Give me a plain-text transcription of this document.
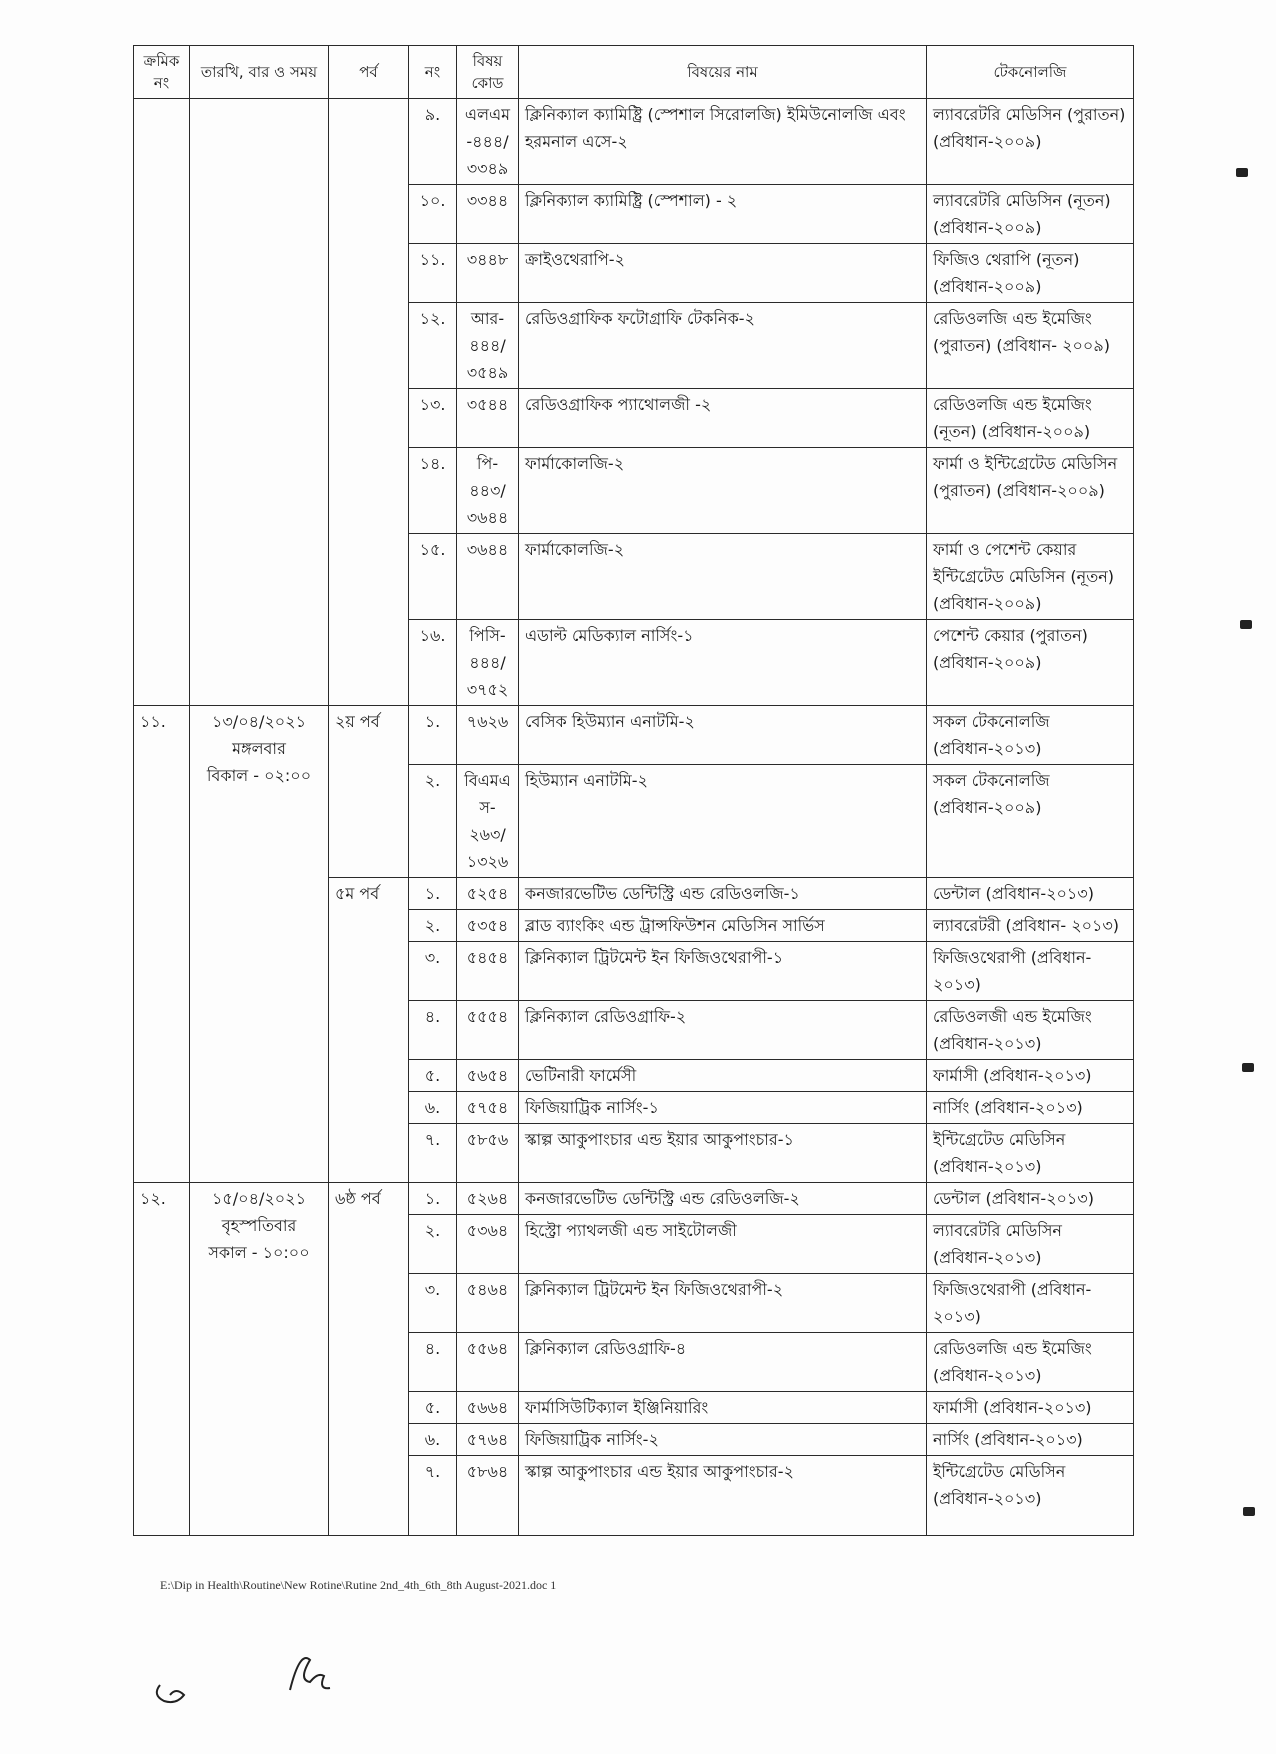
ক্রমিক নং	তারখি, বার ও সময়	পর্ব	নং	বিষয় কোড	বিষয়ের নাম	টেকনোলজি
			৯.	এলএম -৪৪৪/ ৩৩৪৯	ক্লিনিক্যাল ক্যামিষ্ট্রি (স্পেশাল সিরোলজি) ইমিউনোলজি এবং হরমনাল এসে-২	ল্যাবরেটরি মেডিসিন (পুরাতন) (প্রবিধান-২০০৯)
			১০.	৩৩৪৪	ক্লিনিক্যাল ক্যামিষ্ট্রি (স্পেশাল) - ২	ল্যাবরেটরি মেডিসিন (নূতন) (প্রবিধান-২০০৯)
			১১.	৩৪৪৮	ক্রাইওথেরাপি-২	ফিজিও থেরাপি (নূতন) (প্রবিধান-২০০৯)
			১২.	আর- ৪৪৪/ ৩৫৪৯	রেডিওগ্রাফিক ফটোগ্রাফি টেকনিক-২	রেডিওলজি এন্ড ইমেজিং (পুরাতন) (প্রবিধান- ২০০৯)
			১৩.	৩৫৪৪	রেডিওগ্রাফিক প্যাথোলজী -২	রেডিওলজি এন্ড ইমেজিং (নূতন) (প্রবিধান-২০০৯)
			১৪.	পি- ৪৪৩/ ৩৬৪৪	ফার্মাকোলজি-২	ফার্মা ও ইন্টিগ্রেটেড মেডিসিন (পুরাতন) (প্রবিধান-২০০৯)
			১৫.	৩৬৪৪	ফার্মাকোলজি-২	ফার্মা ও পেশেন্ট কেয়ার ইন্টিগ্রেটেড মেডিসিন (নূতন) (প্রবিধান-২০০৯)
			১৬.	পিসি- ৪৪৪/ ৩৭৫২	এডাল্ট মেডিক্যাল নার্সিং-১	পেশেন্ট কেয়ার (পুরাতন) (প্রবিধান-২০০৯)
১১.	১৩/০৪/২০২১
মঙ্গলবার
বিকাল - ০২:০০	২য় পর্ব	১.	৭৬২৬	বেসিক হিউম্যান এনাটমি-২	সকল টেকনোলজি (প্রবিধান-২০১৩)
			২.	বিএমএ স- ২৬৩/ ১৩২৬	হিউম্যান এনাটমি-২	সকল টেকনোলজি (প্রবিধান-২০০৯)
		৫ম পর্ব	১.	৫২৫৪	কনজারভেটিভ ডেন্টিস্ট্রি এন্ড রেডিওলজি-১	ডেন্টাল (প্রবিধান-২০১৩)
			২.	৫৩৫৪	ব্লাড ব্যাংকিং এন্ড ট্রান্সফিউশন মেডিসিন সার্ভিস	ল্যাবরেটরী (প্রবিধান- ২০১৩)
			৩.	৫৪৫৪	ক্লিনিক্যাল ট্রিটমেন্ট ইন ফিজিওথেরাপী-১	ফিজিওথেরাপী (প্রবিধান- ২০১৩)
			৪.	৫৫৫৪	ক্লিনিক্যাল রেডিওগ্রাফি-২	রেডিওলজী এন্ড ইমেজিং (প্রবিধান-২০১৩)
			৫.	৫৬৫৪	ভেটিনারী ফার্মেসী	ফার্মাসী (প্রবিধান-২০১৩)
			৬.	৫৭৫৪	ফিজিয়াট্রিক নার্সিং-১	নার্সিং (প্রবিধান-২০১৩)
			৭.	৫৮৫৬	স্কাল্প আকুপাংচার এন্ড ইয়ার আকুপাংচার-১	ইন্টিগ্রেটেড মেডিসিন (প্রবিধান-২০১৩)
১২.	১৫/০৪/২০২১
বৃহস্পতিবার
সকাল - ১০:০০	৬ষ্ঠ পর্ব	১.	৫২৬৪	কনজারভেটিভ ডেন্টিস্ট্রি এন্ড রেডিওলজি-২	ডেন্টাল (প্রবিধান-২০১৩)
			২.	৫৩৬৪	হিস্ট্রো প্যাথলজী এন্ড সাইটোলজী	ল্যাবরেটরি মেডিসিন (প্রবিধান-২০১৩)
			৩.	৫৪৬৪	ক্লিনিক্যাল ট্রিটমেন্ট ইন ফিজিওথেরাপী-২	ফিজিওথেরাপী (প্রবিধান- ২০১৩)
			৪.	৫৫৬৪	ক্লিনিক্যাল রেডিওগ্রাফি-৪	রেডিওলজি এন্ড ইমেজিং (প্রবিধান-২০১৩)
			৫.	৫৬৬৪	ফার্মাসিউটিক্যাল ইঞ্জিনিয়ারিং	ফার্মাসী (প্রবিধান-২০১৩)
			৬.	৫৭৬৪	ফিজিয়াট্রিক নার্সিং-২	নার্সিং (প্রবিধান-২০১৩)
			৭.	৫৮৬৪	স্কাল্প আকুপাংচার এন্ড ইয়ার আকুপাংচার-২	ইন্টিগ্রেটেড মেডিসিন (প্রবিধান-২০১৩)
E:\Dip in Health\Routine\New Rotine\Rutine 2nd_4th_6th_8th August-2021.doc 1
